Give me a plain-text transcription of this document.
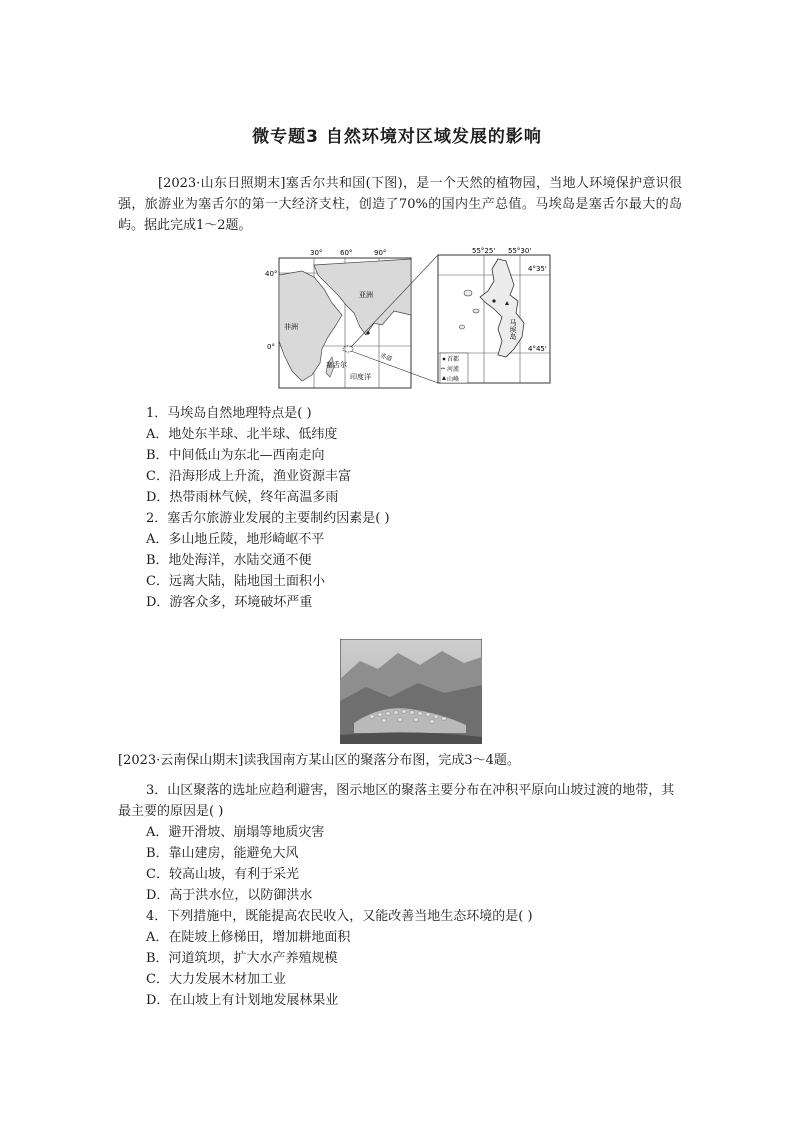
微专题3 自然环境对区域发展的影响
[2023·山东日照期末]塞舌尔共和国(下图)，是一个天然的植物园，当地人环境保护意识很强，旅游业为塞舌尔的第一大经济支柱，创造了70%的国内生产总值。马埃岛是塞舌尔最大的岛屿。据此完成1～2题。
30°	60°	90°
40°
0°
亚洲
非洲
塞舌尔
印度洋
赤道
马埃岛
55°25' 55°30'
4°35'
4°45'
首都
河流
山峰
1．马埃岛自然地理特点是( )
A．地处东半球、北半球、低纬度
B．中间低山为东北—西南走向
C．沿海形成上升流，渔业资源丰富
D．热带雨林气候，终年高温多雨
2．塞舌尔旅游业发展的主要制约因素是( )
A．多山地丘陵，地形崎岖不平
B．地处海洋，水陆交通不便
C．远离大陆，陆地国土面积小
D．游客众多，环境破坏严重
[2023·云南保山期末]读我国南方某山区的聚落分布图，完成3～4题。
3．山区聚落的选址应趋利避害，图示地区的聚落主要分布在冲积平原向山坡过渡的地带，其最主要的原因是( )
A．避开滑坡、崩塌等地质灾害
B．靠山建房，能避免大风
C．较高山坡，有利于采光
D．高于洪水位，以防御洪水
4．下列措施中，既能提高农民收入，又能改善当地生态环境的是( )
A．在陡坡上修梯田，增加耕地面积
B．河道筑坝，扩大水产养殖规模
C．大力发展木材加工业
D．在山坡上有计划地发展林果业
